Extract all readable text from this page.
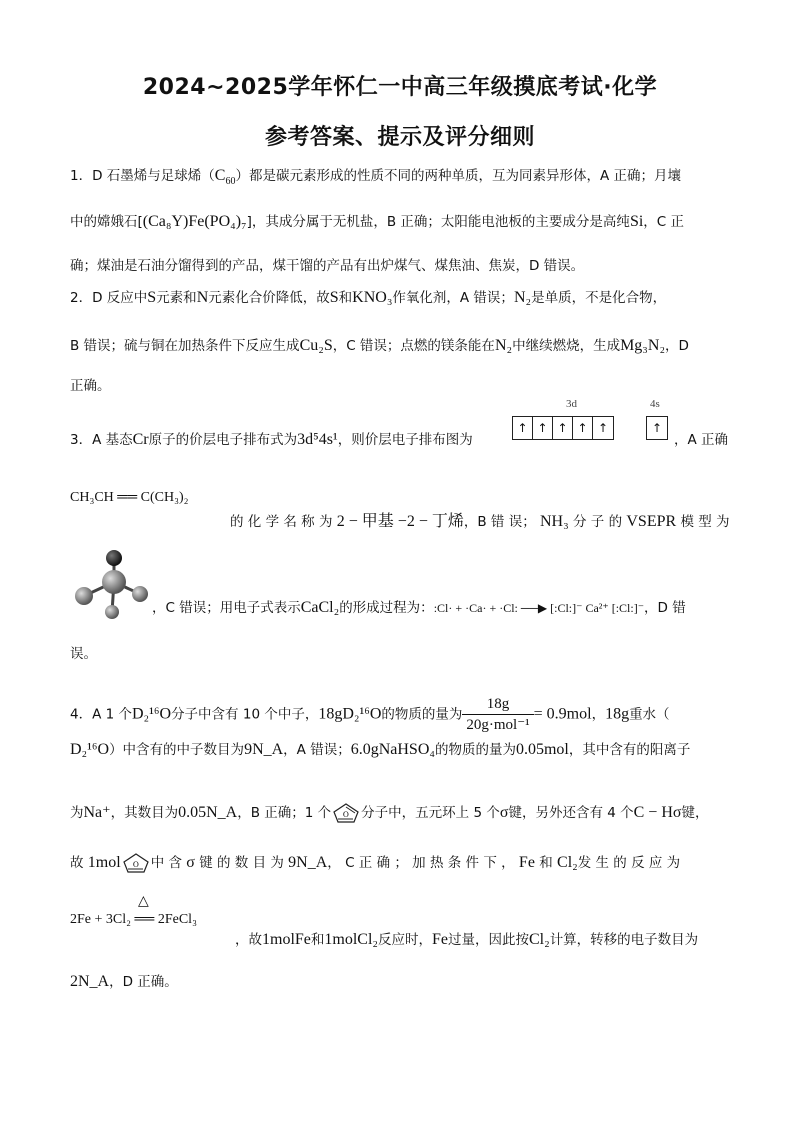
2024~2025学年怀仁一中高三年级摸底考试·化学
参考答案、提示及评分细则
1．D 石墨烯与足球烯$(C_{60})$都是碳元素形成的性质不同的两种单质，互为同素异形体，A 正确；月壤
中的嫦娥石[(Ca₈Y)Fe(PO₄)₇]，其成分属于无机盐，B 正确；太阳能电池板的主要成分是高纯Si，C 正
确；煤油是石油分馏得到的产品，煤干馏的产品有出炉煤气、煤焦油、焦炭，D 错误。
2．D 反应中S元素和N元素化合价降低，故S和KNO₃作氧化剂，A 错误；N₂是单质，不是化合物，
B 错误；硫与铜在加热条件下反应生成Cu₂S，C 错误；点燃的镁条能在N₂中继续燃烧，生成Mg₃N₂，D
正确。
3．A 基态Cr原子的价层电子排布式为3d⁵4s¹，则价层电子排布图为
3d	4s
↑ ↑ ↑ ↑ ↑	↑
，A 正确
CH₃CH ══ C(CH₃)₂
的 化 学 名 称 为 2 − 甲基 −2 − 丁烯，B 错 误； NH₃ 分 子 的 VSEPR 模 型 为
，C 错误；用电子式表示CaCl₂的形成过程为：:Cl· + ·Ca· + ·Cl: ──▶ [:Cl:]⁻ Ca²⁺ [:Cl:]⁻，D 错
误。
4．A 1 个D₂¹⁶O分子中含有 10 个中子，18gD₂¹⁶O的物质的量为 $\frac{18g}{\text{20g·mol⁻¹}} = 0.9mol$，18g重水（
D₂¹⁶O）中含有的中子数目为9N_A，A 错误；6.0gNaHSO₄的物质的量为0.05mol，其中含有的阳离子
为Na⁺，其数目为0.05N_A，B 正确；1 个 O 分子中，五元环上 5 个σ键，另外还含有 4 个C − Hσ键，
故 1mol O 中 含 σ 键 的 数 目 为 9N_A， C 正 确 ； 加 热 条 件 下 ， Fe 和 Cl₂发 生 的 反 应 为
△
2Fe + 3Cl₂ ══ 2FeCl₃
，故1molFe和1molCl₂反应时，Fe过量，因此按Cl₂计算，转移的电子数目为
2N_A，D 正确。
